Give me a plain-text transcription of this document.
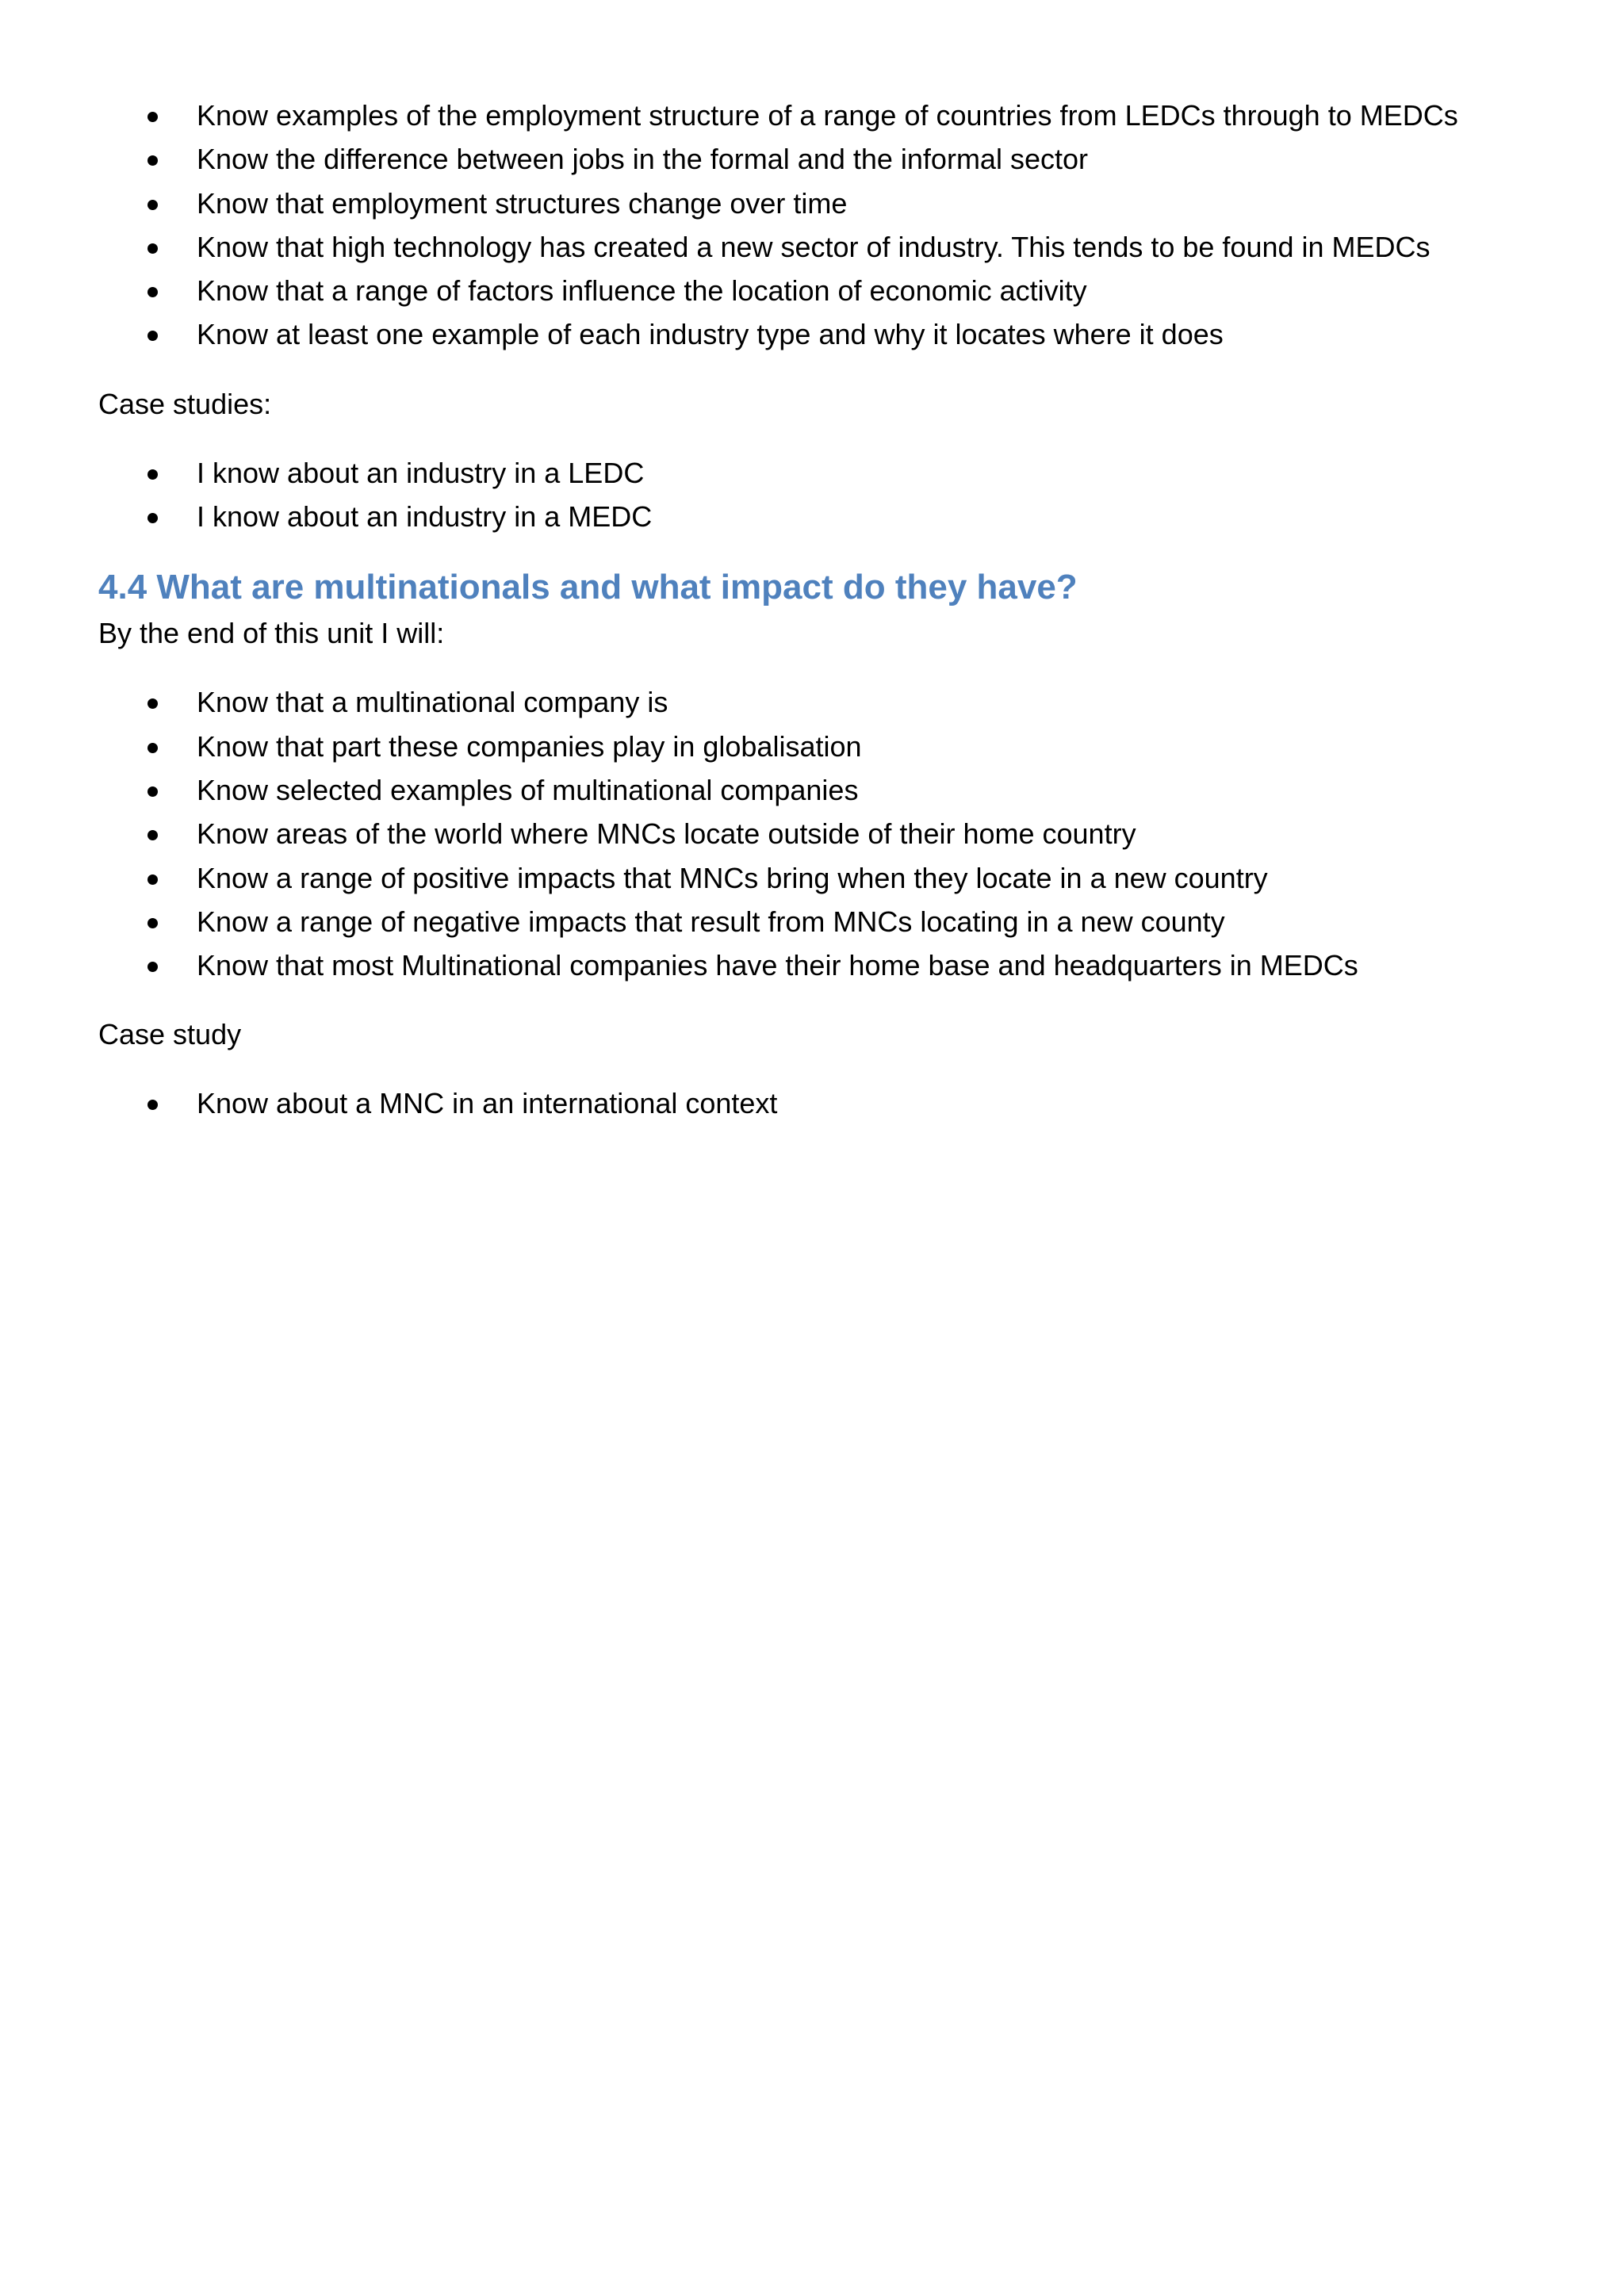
Know examples of the employment structure of a range of countries from LEDCs through to MEDCs
Know the difference between jobs in the formal and the informal sector
Know that employment structures change over time
Know that high technology has created a new sector of industry. This tends to be found in MEDCs
Know that a range of factors influence the location of economic activity
Know at least one example of each industry type and why it locates where it does

Case studies:

I know about an industry in a LEDC
I know about an industry in a MEDC
4.4 What are multinationals and what impact do they have?

By the end of this unit I will:

Know that a multinational company is
Know that part these companies play in globalisation
Know selected examples of multinational companies
Know areas of the world where MNCs locate outside of their home country
Know a range of positive impacts that MNCs bring when they locate in a new country
Know a range of negative impacts that result from MNCs locating in a new county
Know that most Multinational companies have their home base and headquarters in MEDCs

Case study

Know about a MNC in an international context
